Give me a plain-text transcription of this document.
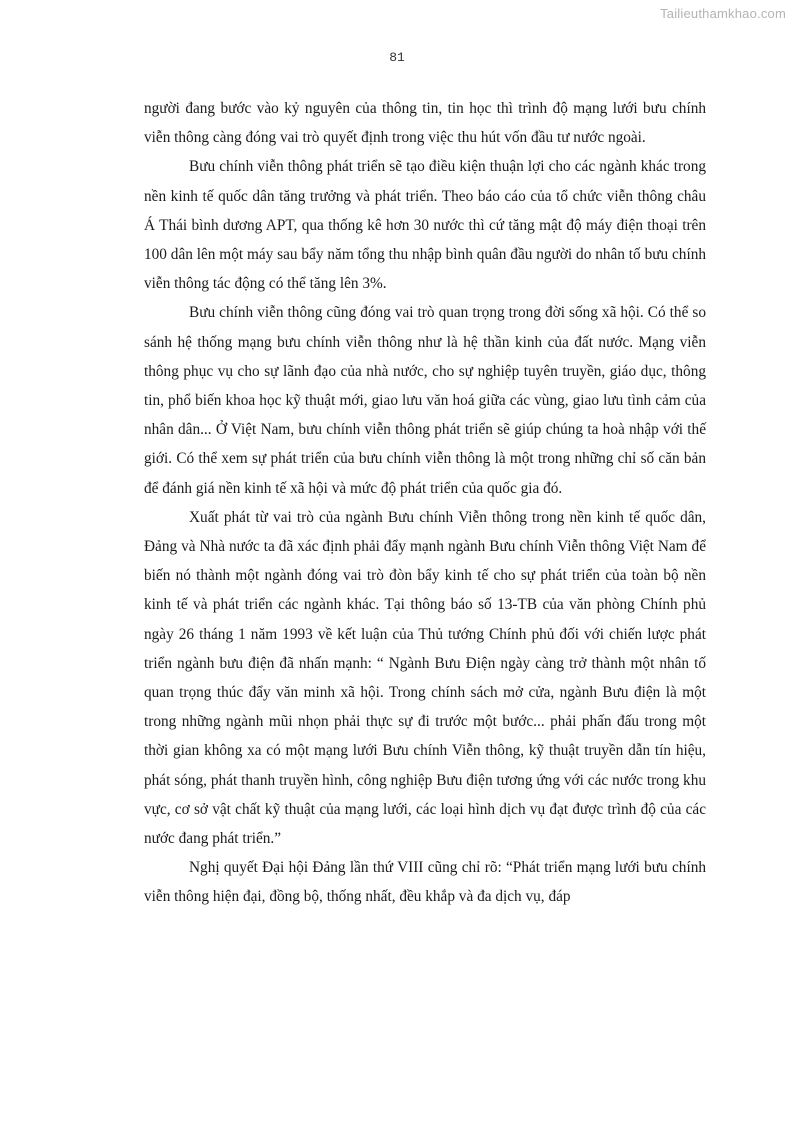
Tailieuthamkhao.com
81

người đang bước vào kỷ nguyên của thông tin, tin học thì trình độ mạng lưới bưu chính viễn thông càng đóng vai trò quyết định trong việc thu hút vốn đầu tư nước ngoài.

Bưu chính viễn thông phát triển sẽ tạo điều kiện thuận lợi cho các ngành khác trong nền kinh tế quốc dân tăng trưởng và phát triển. Theo báo cáo của tổ chức viễn thông châu Á Thái bình dương APT, qua thống kê hơn 30 nước thì cứ tăng mật độ máy điện thoại trên 100 dân lên một máy sau bẩy năm tổng thu nhập bình quân đầu người do nhân tố bưu chính viễn thông tác động có thể tăng lên 3%.

Bưu chính viễn thông cũng đóng vai trò quan trọng trong đời sống xã hội. Có thể so sánh hệ thống mạng bưu chính viễn thông như là hệ thần kinh của đất nước. Mạng viễn thông phục vụ cho sự lãnh đạo của nhà nước, cho sự nghiệp tuyên truyền, giáo dục, thông tin, phổ biến khoa học kỹ thuật mới, giao lưu văn hoá giữa các vùng, giao lưu tình cảm của nhân dân... Ở Việt Nam, bưu chính viễn thông phát triển sẽ giúp chúng ta hoà nhập với thế giới. Có thể xem sự phát triển của bưu chính viễn thông là một trong những chỉ số căn bản để đánh giá nền kinh tế xã hội và mức độ phát triển của quốc gia đó.

Xuất phát từ vai trò của ngành Bưu chính Viễn thông trong nền kinh tế quốc dân, Đảng và Nhà nước ta đã xác định phải đẩy mạnh ngành Bưu chính Viễn thông Việt Nam để biến nó thành một ngành đóng vai trò đòn bẩy kinh tế cho sự phát triển của toàn bộ nền kinh tế và phát triển các ngành khác. Tại thông báo số 13-TB của văn phòng Chính phủ ngày 26 tháng 1 năm 1993 về kết luận của Thủ tướng Chính phủ đối với chiến lược phát triển ngành bưu điện đã nhấn mạnh: “ Ngành Bưu Điện ngày càng trở thành một nhân tố quan trọng thúc đẩy văn minh xã hội. Trong chính sách mở cửa, ngành Bưu điện là một trong những ngành mũi nhọn phải thực sự đi trước một bước... phải phấn đấu trong một thời gian không xa có một mạng lưới Bưu chính Viễn thông, kỹ thuật truyền dẫn tín hiệu, phát sóng, phát thanh truyền hình, công nghiệp Bưu điện tương ứng với các nước trong khu vực, cơ sở vật chất kỹ thuật của mạng lưới, các loại hình dịch vụ đạt được trình độ của các nước đang phát triển.”

Nghị quyết Đại hội Đảng lần thứ VIII cũng chỉ rõ: “Phát triển mạng lưới bưu chính viễn thông hiện đại, đồng bộ, thống nhất, đều khắp và đa dịch vụ, đáp
